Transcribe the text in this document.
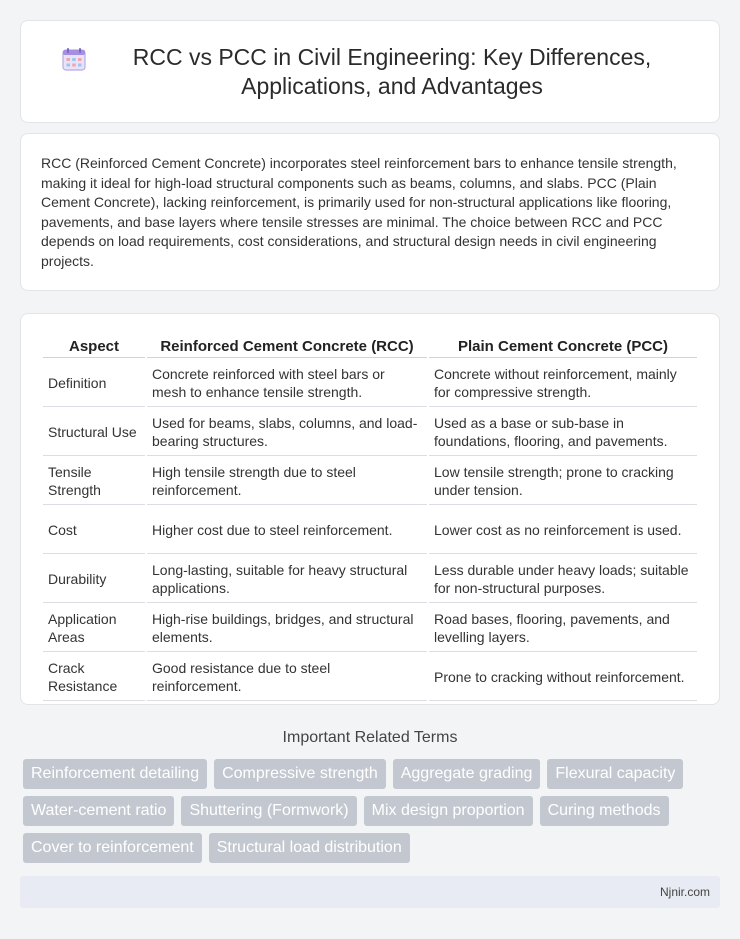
RCC vs PCC in Civil Engineering: Key Differences, Applications, and Advantages

RCC (Reinforced Cement Concrete) incorporates steel reinforcement bars to enhance tensile strength, making it ideal for high-load structural components such as beams, columns, and slabs. PCC (Plain Cement Concrete), lacking reinforcement, is primarily used for non-structural applications like flooring, pavements, and base layers where tensile stresses are minimal. The choice between RCC and PCC depends on load requirements, cost considerations, and structural design needs in civil engineering projects.

Aspect	Reinforced Cement Concrete (RCC)	Plain Cement Concrete (PCC)
Definition	Concrete reinforced with steel bars or mesh to enhance tensile strength.	Concrete without reinforcement, mainly for compressive strength.
Structural Use	Used for beams, slabs, columns, and load-bearing structures.	Used as a base or sub-base in foundations, flooring, and pavements.
Tensile Strength	High tensile strength due to steel reinforcement.	Low tensile strength; prone to cracking under tension.
Cost	Higher cost due to steel reinforcement.	Lower cost as no reinforcement is used.
Durability	Long-lasting, suitable for heavy structural applications.	Less durable under heavy loads; suitable for non-structural purposes.
Application Areas	High-rise buildings, bridges, and structural elements.	Road bases, flooring, pavements, and levelling layers.
Crack Resistance	Good resistance due to steel reinforcement.	Prone to cracking without reinforcement.
Important Related Terms
Reinforcement detailing	Compressive strength	Aggregate grading	Flexural capacity
Water-cement ratio	Shuttering (Formwork)	Mix design proportion	Curing methods
Cover to reinforcement	Structural load distribution
Njnir.com
